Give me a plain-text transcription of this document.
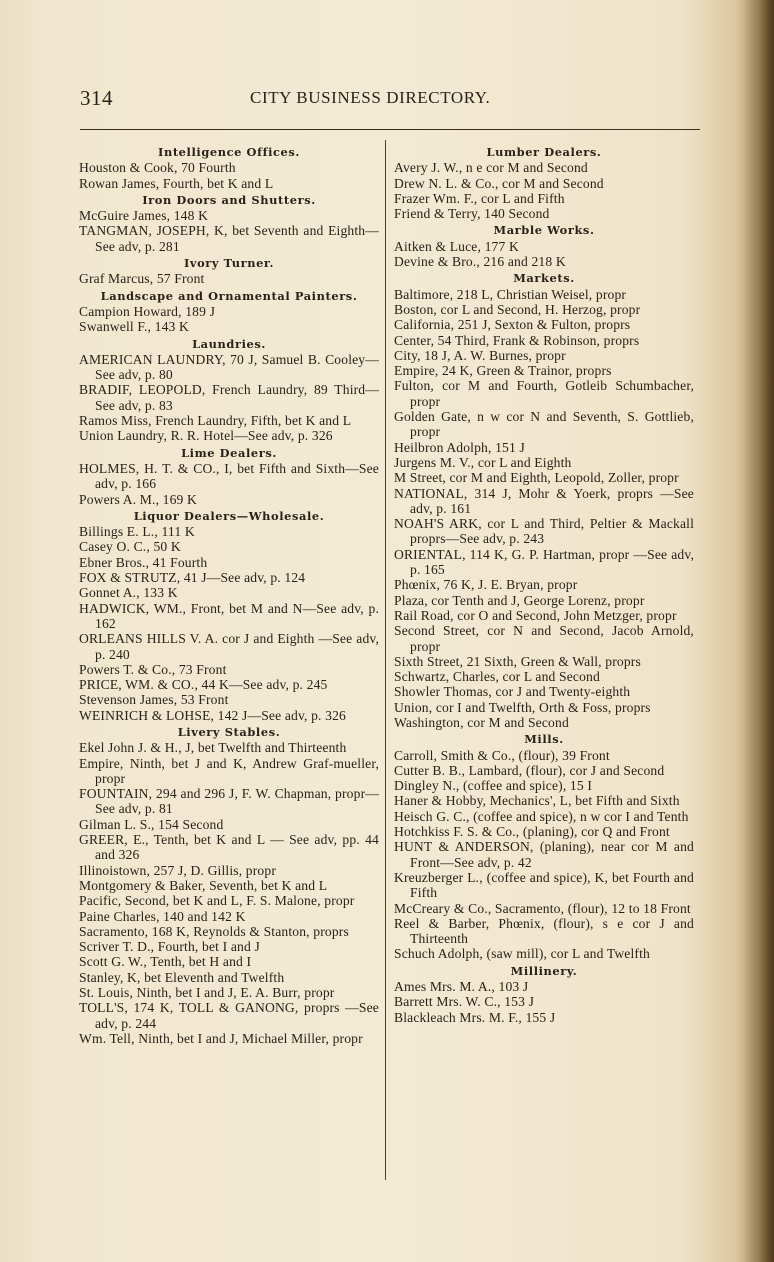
314	CITY BUSINESS DIRECTORY.
Intelligence Offices.
Houston & Cook, 70 Fourth
Rowan James, Fourth, bet K and L
Iron Doors and Shutters.
McGuire James, 148 K
TANGMAN, JOSEPH, K, bet Seventh and Eighth—See adv, p. 281
Ivory Turner.
Graf Marcus, 57 Front
Landscape and Ornamental Painters.
Campion Howard, 189 J
Swanwell F., 143 K
Laundries.
AMERICAN LAUNDRY, 70 J, Samuel B. Cooley—See adv, p. 80
BRADIF, LEOPOLD, French Laundry, 89 Third—See adv, p. 83
Ramos Miss, French Laundry, Fifth, bet K and L
Union Laundry, R. R. Hotel—See adv, p. 326
Lime Dealers.
HOLMES, H. T. & CO., I, bet Fifth and Sixth—See adv, p. 166
Powers A. M., 169 K
Liquor Dealers—Wholesale.
Billings E. L., 111 K
Casey O. C., 50 K
Ebner Bros., 41 Fourth
FOX & STRUTZ, 41 J—See adv, p. 124
Gonnet A., 133 K
HADWICK, WM., Front, bet M and N—See adv, p. 162
ORLEANS HILLS V. A. cor J and Eighth —See adv, p. 240
Powers T. & Co., 73 Front
PRICE, WM. & CO., 44 K—See adv, p. 245
Stevenson James, 53 Front
WEINRICH & LOHSE, 142 J—See adv, p. 326
Livery Stables.
Ekel John J. & H., J, bet Twelfth and Thirteenth
Empire, Ninth, bet J and K, Andrew Graf-mueller, propr
FOUNTAIN, 294 and 296 J, F. W. Chapman, propr—See adv, p. 81
Gilman L. S., 154 Second
GREER, E., Tenth, bet K and L — See adv, pp. 44 and 326
Illinoistown, 257 J, D. Gillis, propr
Montgomery & Baker, Seventh, bet K and L
Pacific, Second, bet K and L, F. S. Malone, propr
Paine Charles, 140 and 142 K
Sacramento, 168 K, Reynolds & Stanton, proprs
Scriver T. D., Fourth, bet I and J
Scott G. W., Tenth, bet H and I
Stanley, K, bet Eleventh and Twelfth
St. Louis, Ninth, bet I and J, E. A. Burr, propr
TOLL'S, 174 K, TOLL & GANONG, proprs —See adv, p. 244
Wm. Tell, Ninth, bet I and J, Michael Miller, propr
Lumber Dealers.
Avery J. W., n e cor M and Second
Drew N. L. & Co., cor M and Second
Frazer Wm. F., cor L and Fifth
Friend & Terry, 140 Second
Marble Works.
Aitken & Luce, 177 K
Devine & Bro., 216 and 218 K
Markets.
Baltimore, 218 L, Christian Weisel, propr
Boston, cor L and Second, H. Herzog, propr
California, 251 J, Sexton & Fulton, proprs
Center, 54 Third, Frank & Robinson, proprs
City, 18 J, A. W. Burnes, propr
Empire, 24 K, Green & Trainor, proprs
Fulton, cor M and Fourth, Gotleib Schumbacher, propr
Golden Gate, n w cor N and Seventh, S. Gottlieb, propr
Heilbron Adolph, 151 J
Jurgens M. V., cor L and Eighth
M Street, cor M and Eighth, Leopold, Zoller, propr
NATIONAL, 314 J, Mohr & Yoerk, proprs —See adv, p. 161
NOAH'S ARK, cor L and Third, Peltier & Mackall proprs—See adv, p. 243
ORIENTAL, 114 K, G. P. Hartman, propr —See adv, p. 165
Phœnix, 76 K, J. E. Bryan, propr
Plaza, cor Tenth and J, George Lorenz, propr
Rail Road, cor O and Second, John Metzger, propr
Second Street, cor N and Second, Jacob Arnold, propr
Sixth Street, 21 Sixth, Green & Wall, proprs
Schwartz, Charles, cor L and Second
Showler Thomas, cor J and Twenty-eighth
Union, cor I and Twelfth, Orth & Foss, proprs
Washington, cor M and Second
Mills.
Carroll, Smith & Co., (flour), 39 Front
Cutter B. B., Lambard, (flour), cor J and Second
Dingley N., (coffee and spice), 15 I
Haner & Hobby, Mechanics', L, bet Fifth and Sixth
Heisch G. C., (coffee and spice), n w cor I and Tenth
Hotchkiss F. S. & Co., (planing), cor Q and Front
HUNT & ANDERSON, (planing), near cor M and Front—See adv, p. 42
Kreuzberger L., (coffee and spice), K, bet Fourth and Fifth
McCreary & Co., Sacramento, (flour), 12 to 18 Front
Reel & Barber, Phœnix, (flour), s e cor J and Thirteenth
Schuch Adolph, (saw mill), cor L and Twelfth
Millinery.
Ames Mrs. M. A., 103 J
Barrett Mrs. W. C., 153 J
Blackleach Mrs. M. F., 155 J
